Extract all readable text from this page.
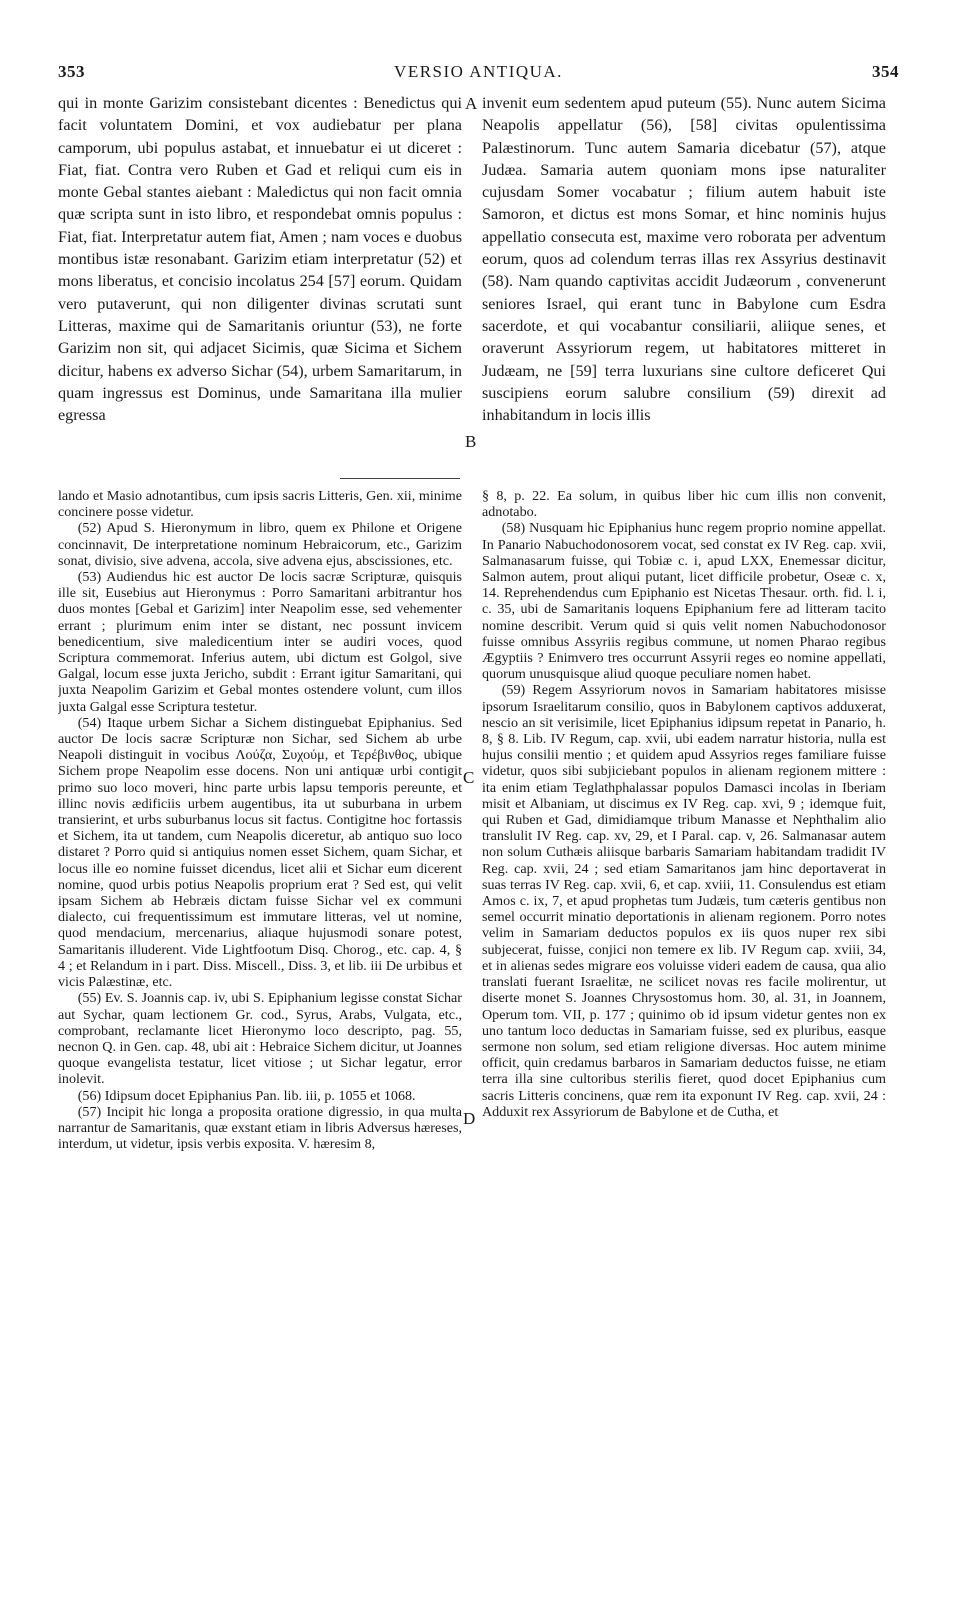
353	VERSIO ANTIQUA.	354

qui in monte Garizim consistebant dicentes : Benedictus qui facit voluntatem Domini, et vox audiebatur per plana camporum, ubi populus astabat, et innuebatur ei ut diceret : Fiat, fiat. Contra vero Ruben et Gad et reliqui cum eis in monte Gebal stantes aiebant : Maledictus qui non facit omnia quæ scripta sunt in isto libro, et respondebat omnis populus : Fiat, fiat. Interpretatur autem fiat, Amen ; nam voces e duobus montibus istæ resonabant. Garizim etiam interpretatur (52) et mons liberatus, et concisio incolatus 254 [57] eorum. Quidam vero putaverunt, qui non diligenter divinas scrutati sunt Litteras, maxime qui de Samaritanis oriuntur (53), ne forte Garizim non sit, qui adjacet Sicimis, quæ Sicima et Sichem dicitur, habens ex adverso Sichar (54), urbem Samaritarum, in quam ingressus est Dominus, unde Samaritana illa mulier egressa

invenit eum sedentem apud puteum (55). Nunc autem Sicima Neapolis appellatur (56), [58] civitas opulentissima Palæstinorum. Tunc autem Samaria dicebatur (57), atque Judæa. Samaria autem quoniam mons ipse naturaliter cujusdam Somer vocabatur ; filium autem habuit iste Samoron, et dictus est mons Somar, et hinc nominis hujus appellatio consecuta est, maxime vero roborata per adventum eorum, quos ad colendum terras illas rex Assyrius destinavit (58). Nam quando captivitas accidit Judæorum , convenerunt seniores Israel, qui erant tunc in Babylone cum Esdra sacerdote, et qui vocabantur consiliarii, aliique senes, et oraverunt Assyriorum regem, ut habitatores mitteret in Judæam, ne [59] terra luxurians sine cultore deficeret Qui suscipiens eorum salubre consilium (59) direxit ad inhabitandum in locis illis

A
B
C
D

lando et Masio adnotantibus, cum ipsis sacris Litteris, Gen. xii, minime concinere posse videtur.

(52) Apud S. Hieronymum in libro, quem ex Philone et Origene concinnavit, De interpretatione nominum Hebraicorum, etc., Garizim sonat, divisio, sive advena, accola, sive advena ejus, abscissiones, etc.

(53) Audiendus hic est auctor De locis sacræ Scripturæ, quisquis ille sit, Eusebius aut Hieronymus : Porro Samaritani arbitrantur hos duos montes [Gebal et Garizim] inter Neapolim esse, sed vehementer errant ; plurimum enim inter se distant, nec possunt invicem benedicentium, sive maledicentium inter se audiri voces, quod Scriptura commemorat. Inferius autem, ubi dictum est Golgol, sive Galgal, locum esse juxta Jericho, subdit : Errant igitur Samaritani, qui juxta Neapolim Garizim et Gebal montes ostendere volunt, cum illos juxta Galgal esse Scriptura testetur.

(54) Itaque urbem Sichar a Sichem distinguebat Epiphanius. Sed auctor De locis sacræ Scripturæ non Sichar, sed Sichem ab urbe Neapoli distinguit in vocibus Λούζα, Συχούμ, et Τερέβινθος, ubique Sichem prope Neapolim esse docens. Non uni antiquæ urbi contigit primo suo loco moveri, hinc parte urbis lapsu temporis pereunte, et illinc novis ædificiis urbem augentibus, ita ut suburbana in urbem transierint, et urbs suburbanus locus sit factus. Contigitne hoc fortassis et Sichem, ita ut tandem, cum Neapolis diceretur, ab antiquo suo loco distaret ? Porro quid si antiquius nomen esset Sichem, quam Sichar, et locus ille eo nomine fuisset dicendus, licet alii et Sichar eum dicerent nomine, quod urbis potius Neapolis proprium erat ? Sed est, qui velit ipsam Sichem ab Hebræis dictam fuisse Sichar vel ex communi dialecto, cui frequentissimum est immutare litteras, vel ut nomine, quod mendacium, mercenarius, aliaque hujusmodi sonare potest, Samaritanis illuderent. Vide Lightfootum Disq. Chorog., etc. cap. 4, § 4 ; et Relandum in i part. Diss. Miscell., Diss. 3, et lib. iii De urbibus et vicis Palæstinæ, etc.

(55) Ev. S. Joannis cap. iv, ubi S. Epiphanium legisse constat Sichar aut Sychar, quam lectionem Gr. cod., Syrus, Arabs, Vulgata, etc., comprobant, reclamante licet Hieronymo loco descripto, pag. 55, necnon Q. in Gen. cap. 48, ubi ait : Hebraice Sichem dicitur, ut Joannes quoque evangelista testatur, licet vitiose ; ut Sichar legatur, error inolevit.

(56) Idipsum docet Epiphanius Pan. lib. iii, p. 1055 et 1068.

(57) Incipit hic longa a proposita oratione digressio, in qua multa narrantur de Samaritanis, quæ exstant etiam in libris Adversus hæreses, interdum, ut videtur, ipsis verbis exposita. V. hæresim 8,

§ 8, p. 22. Ea solum, in quibus liber hic cum illis non convenit, adnotabo.

(58) Nusquam hic Epiphanius hunc regem proprio nomine appellat. In Panario Nabuchodonosorem vocat, sed constat ex IV Reg. cap. xvii, Salmanasarum fuisse, qui Tobiæ c. i, apud LXX, Enemessar dicitur, Salmon autem, prout aliqui putant, licet difficile probetur, Oseæ c. x, 14. Reprehendendus cum Epiphanio est Nicetas Thesaur. orth. fid. l. i, c. 35, ubi de Samaritanis loquens Epiphanium fere ad litteram tacito nomine describit. Verum quid si quis velit nomen Nabuchodonosor fuisse omnibus Assyriis regibus commune, ut nomen Pharao regibus Ægyptiis ? Enimvero tres occurrunt Assyrii reges eo nomine appellati, quorum unusquisque aliud quoque peculiare nomen habet.

(59) Regem Assyriorum novos in Samariam habitatores misisse ipsorum Israelitarum consilio, quos in Babylonem captivos adduxerat, nescio an sit verisimile, licet Epiphanius idipsum repetat in Panario, h. 8, § 8. Lib. IV Regum, cap. xvii, ubi eadem narratur historia, nulla est hujus consilii mentio ; et quidem apud Assyrios reges familiare fuisse videtur, quos sibi subjiciebant populos in alienam regionem mittere : ita enim etiam Teglathphalassar populos Damasci incolas in Iberiam misit et Albaniam, ut discimus ex IV Reg. cap. xvi, 9 ; idemque fuit, qui Ruben et Gad, dimidiamque tribum Manasse et Nephthalim alio translulit IV Reg. cap. xv, 29, et I Paral. cap. v, 26. Salmanasar autem non solum Cuthæis aliisque barbaris Samariam habitandam tradidit IV Reg. cap. xvii, 24 ; sed etiam Samaritanos jam hinc deportaverat in suas terras IV Reg. cap. xvii, 6, et cap. xviii, 11. Consulendus est etiam Amos c. ix, 7, et apud prophetas tum Judæis, tum cæteris gentibus non semel occurrit minatio deportationis in alienam regionem. Porro notes velim in Samariam deductos populos ex iis quos nuper rex sibi subjecerat, fuisse, conjici non temere ex lib. IV Regum cap. xviii, 34, et in alienas sedes migrare eos voluisse videri eadem de causa, qua alio translati fuerant Israelitæ, ne scilicet novas res facile molirentur, ut diserte monet S. Joannes Chrysostomus hom. 30, al. 31, in Joannem, Operum tom. VII, p. 177 ; quinimo ob id ipsum videtur gentes non ex uno tantum loco deductas in Samariam fuisse, sed ex pluribus, easque sermone non solum, sed etiam religione diversas. Hoc autem minime officit, quin credamus barbaros in Samariam deductos fuisse, ne etiam terra illa sine cultoribus sterilis fieret, quod docet Epiphanius cum sacris Litteris concinens, quæ rem ita exponunt IV Reg. cap. xvii, 24 : Adduxit rex Assyriorum de Babylone et de Cutha, et
